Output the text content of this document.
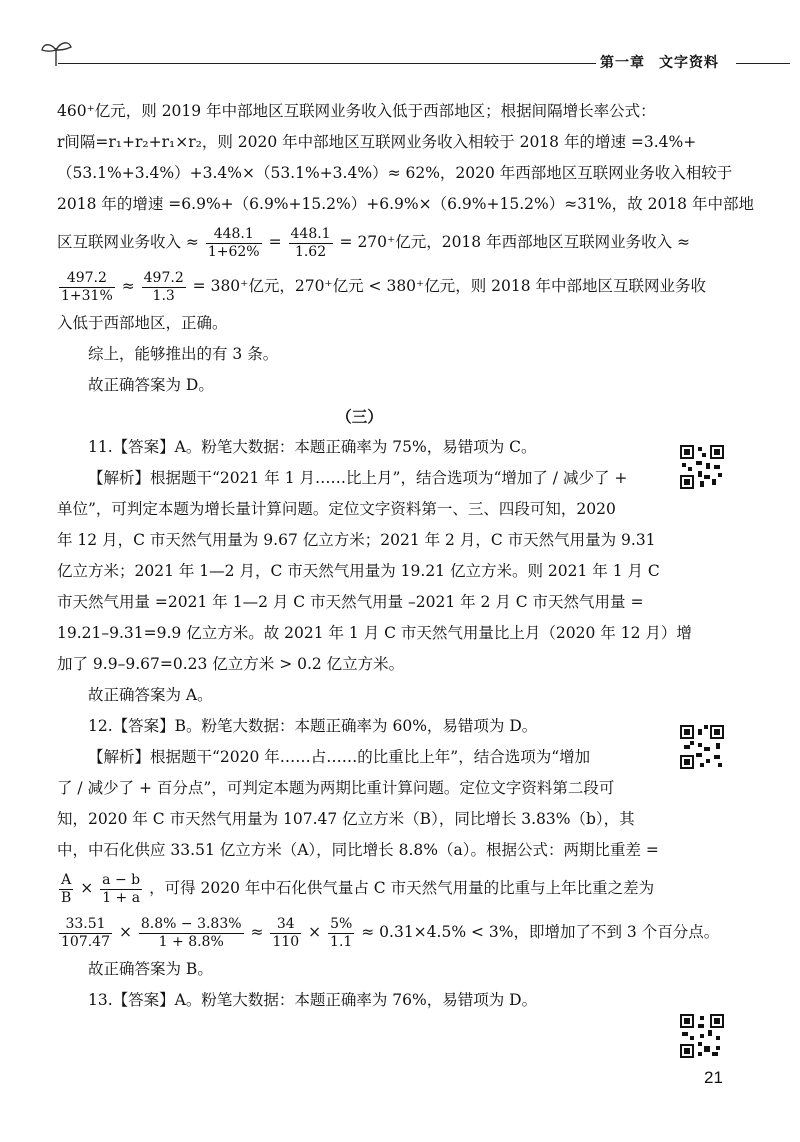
第一章 文字资料
460⁺亿元，则 2019 年中部地区互联网业务收入低于西部地区；根据间隔增长率公式：
r间隔=r₁+r₂+r₁×r₂，则 2020 年中部地区互联网业务收入相较于 2018 年的增速 =3.4%+
（53.1%+3.4%）+3.4%×（53.1%+3.4%）≈ 62%，2020 年西部地区互联网业务收入相较于
2018 年的增速 =6.9%+（6.9%+15.2%）+6.9%×（6.9%+15.2%）≈31%，故 2018 年中部地
区互联网业务收入 ≈ $\frac{448.1}{1+62\%} = \frac{448.1}{1.62} = 270^+$亿元，2018 年西部地区互联网业务收入 ≈
$\frac{497.2}{1+31\%} \approx \frac{497.2}{1.3} = 380^+$亿元，270⁺亿元 < 380⁺亿元，则 2018 年中部地区互联网业务收
入低于西部地区，正确。
综上，能够推出的有 3 条。
故正确答案为 D。
（三）
11.【答案】A。粉笔大数据：本题正确率为 75%，易错项为 C。
【解析】根据题干“2021 年 1 月……比上月”，结合选项为“增加了 / 减少了 +
单位”，可判定本题为增长量计算问题。定位文字资料第一、三、四段可知，2020
年 12 月，C 市天然气用量为 9.67 亿立方米；2021 年 2 月，C 市天然气用量为 9.31
亿立方米；2021 年 1—2 月，C 市天然气用量为 19.21 亿立方米。则 2021 年 1 月 C
市天然气用量 =2021 年 1—2 月 C 市天然气用量 –2021 年 2 月 C 市天然气用量 =
19.21–9.31=9.9 亿立方米。故 2021 年 1 月 C 市天然气用量比上月（2020 年 12 月）增
加了 9.9–9.67=0.23 亿立方米 > 0.2 亿立方米。
故正确答案为 A。
12.【答案】B。粉笔大数据：本题正确率为 60%，易错项为 D。
【解析】根据题干“2020 年……占……的比重比上年”，结合选项为“增加
了 / 减少了 + 百分点”，可判定本题为两期比重计算问题。定位文字资料第二段可
知，2020 年 C 市天然气用量为 107.47 亿立方米（B），同比增长 3.83%（b），其
中，中石化供应 33.51 亿立方米（A），同比增长 8.8%（a）。根据公式：两期比重差 =
$\frac{A}{B} \times \frac{a - b}{1 + a}$ ，可得 2020 年中石化供气量占 C 市天然气用量的比重与上年比重之差为
$\frac{33.51}{107.47} \times \frac{8.8\% - 3.83\%}{1 + 8.8\%} \approx \frac{34}{110} \times \frac{5\%}{1.1} \approx 0.31\times 4.5\% < 3\%$，即增加了不到 3 个百分点。
故正确答案为 B。
13.【答案】A。粉笔大数据：本题正确率为 76%，易错项为 D。
21
